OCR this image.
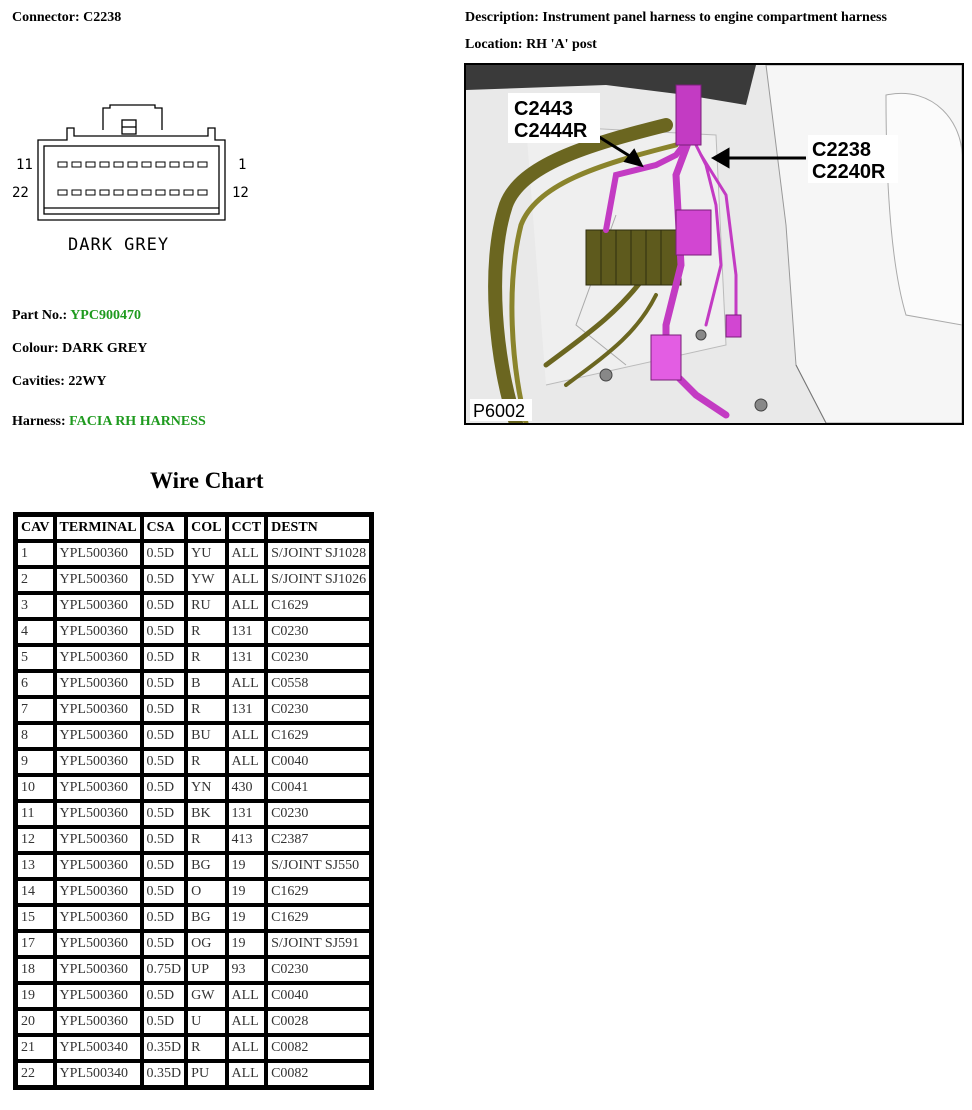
Connector: C2238	Description: Instrument panel harness to engine compartment harness
Location: RH 'A' post
11	1
22	12
DARK GREY
Part No.: YPC900470
Colour: DARK GREY
Cavities: 22WY
Harness: FACIA RH HARNESS
C2443
C2444R
C2238
C2240R
P6002
Wire Chart
CAV	TERMINAL	CSA	COL	CCT	DESTN
1	YPL500360	0.5D	YU	ALL	S/JOINT SJ1028
2	YPL500360	0.5D	YW	ALL	S/JOINT SJ1026
3	YPL500360	0.5D	RU	ALL	C1629
4	YPL500360	0.5D	R	131	C0230
5	YPL500360	0.5D	R	131	C0230
6	YPL500360	0.5D	B	ALL	C0558
7	YPL500360	0.5D	R	131	C0230
8	YPL500360	0.5D	BU	ALL	C1629
9	YPL500360	0.5D	R	ALL	C0040
10	YPL500360	0.5D	YN	430	C0041
11	YPL500360	0.5D	BK	131	C0230
12	YPL500360	0.5D	R	413	C2387
13	YPL500360	0.5D	BG	19	S/JOINT SJ550
14	YPL500360	0.5D	O	19	C1629
15	YPL500360	0.5D	BG	19	C1629
17	YPL500360	0.5D	OG	19	S/JOINT SJ591
18	YPL500360	0.75D	UP	93	C0230
19	YPL500360	0.5D	GW	ALL	C0040
20	YPL500360	0.5D	U	ALL	C0028
21	YPL500340	0.35D	R	ALL	C0082
22	YPL500340	0.35D	PU	ALL	C0082
